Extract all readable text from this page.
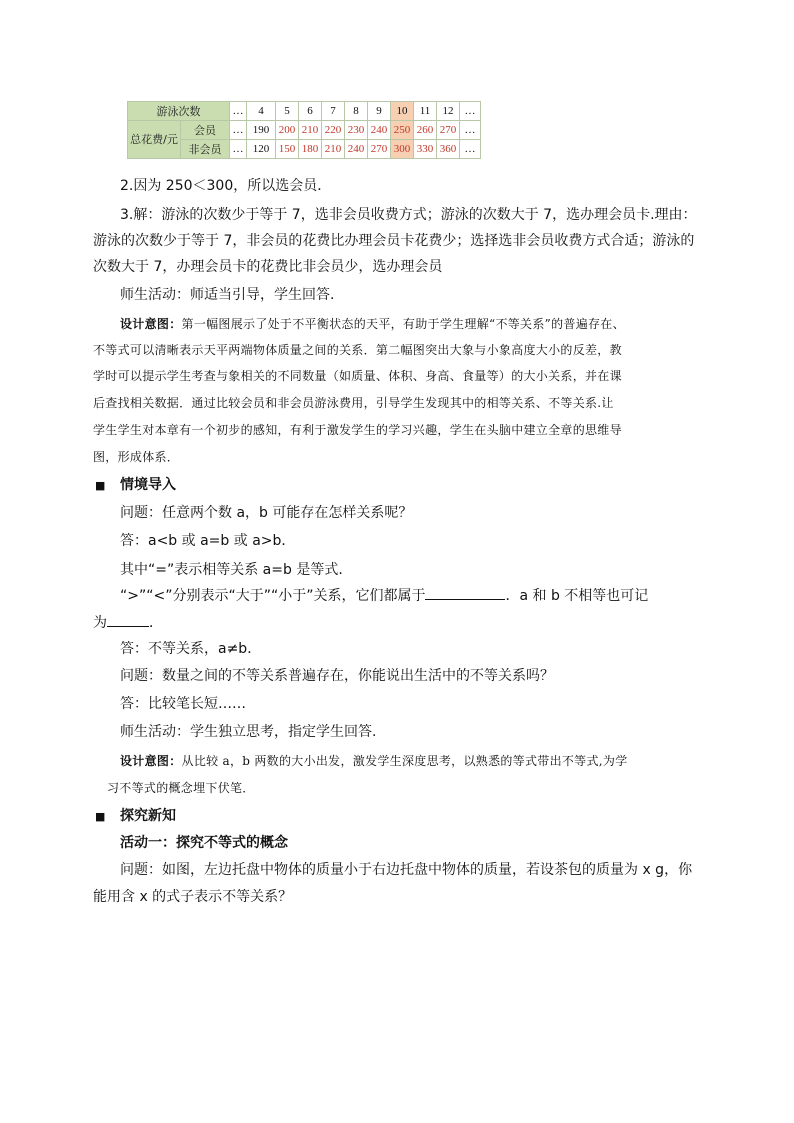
游泳次数		…	4	5	6	7	8	9	10	11	12	…
总花费/元	会员	…	190	200	210	220	230	240	250	260	270	…
	非会员	…	120	150	180	210	240	270	300	330	360	…
2.因为 250＜300，所以选会员．
3.解：游泳的次数少于等于 7，选非会员收费方式；游泳的次数大于 7，选办理会员卡.理由：
游泳的次数少于等于 7，非会员的花费比办理会员卡花费少；选择选非会员收费方式合适；游泳的
次数大于 7，办理会员卡的花费比非会员少，选办理会员
师生活动：师适当引导，学生回答.
设计意图：第一幅图展示了处于不平衡状态的天平，有助于学生理解“不等关系”的普遍存在、
不等式可以清晰表示天平两端物体质量之间的关系．第二幅图突出大象与小象高度大小的反差，教
学时可以提示学生考查与象相关的不同数量（如质量、体积、身高、食量等）的大小关系，并在课
后查找相关数据．通过比较会员和非会员游泳费用，引导学生发现其中的相等关系、不等关系.让
学生学生对本章有一个初步的感知，有利于激发学生的学习兴趣，学生在头脑中建立全章的思维导
图，形成体系．
■ 情境导入
问题：任意两个数 a，b 可能存在怎样关系呢？
答：a<b 或 a=b 或 a>b．
其中“=”表示相等关系 a=b 是等式.
“>”“<”分别表示“大于”“小于”关系，它们都属于	．a 和 b 不相等也可记
为	．
答：不等关系，a≠b．
问题：数量之间的不等关系普遍存在，你能说出生活中的不等关系吗？
答：比较笔长短……
师生活动：学生独立思考，指定学生回答.
设计意图：从比较 a，b 两数的大小出发，激发学生深度思考，以熟悉的等式带出不等式,为学
习不等式的概念埋下伏笔．
■ 探究新知
活动一：探究不等式的概念
问题：如图，左边托盘中物体的质量小于右边托盘中物体的质量，若设茶包的质量为 x g，你
能用含 x 的式子表示不等关系？
